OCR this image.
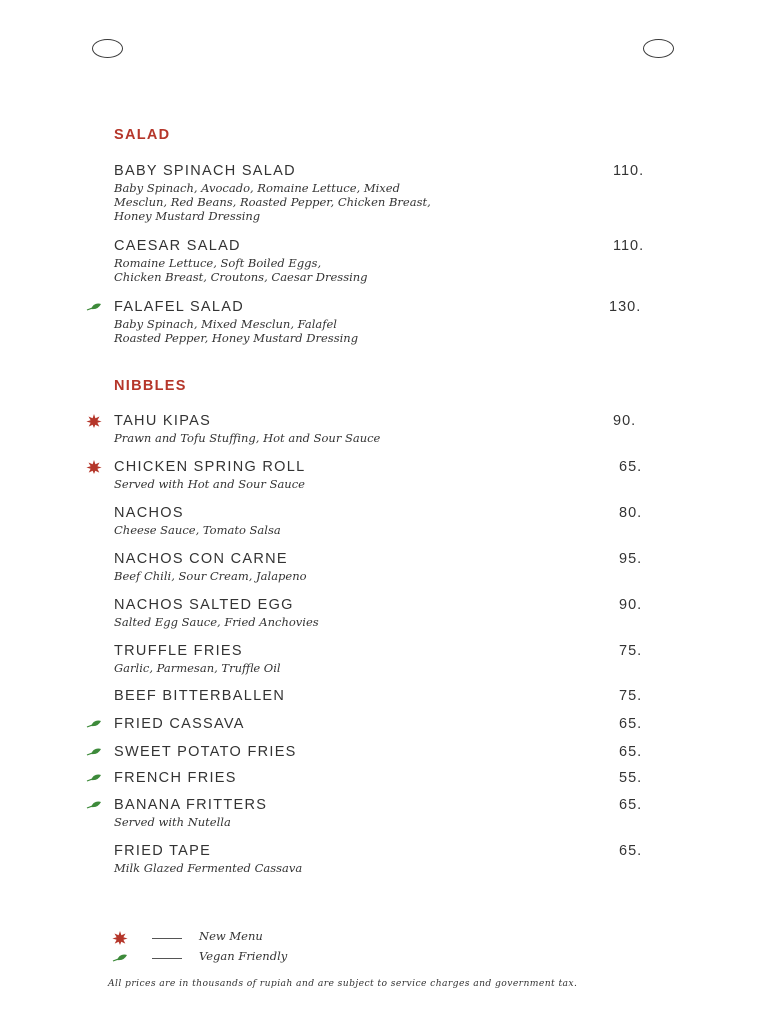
SALAD
BABY SPINACH SALAD	110.
Baby Spinach, Avocado, Romaine Lettuce, Mixed
Mesclun, Red Beans, Roasted Pepper, Chicken Breast,
Honey Mustard Dressing
CAESAR SALAD	110.
Romaine Lettuce, Soft Boiled Eggs,
Chicken Breast, Croutons, Caesar Dressing
FALAFEL SALAD	130.
Baby Spinach, Mixed Mesclun, Falafel
Roasted Pepper, Honey Mustard Dressing
NIBBLES
TAHU KIPAS	90.
Prawn and Tofu Stuffing, Hot and Sour Sauce
CHICKEN SPRING ROLL	65.
Served with Hot and Sour Sauce
NACHOS	80.
Cheese Sauce, Tomato Salsa
NACHOS CON CARNE	95.
Beef Chili, Sour Cream, Jalapeno
NACHOS SALTED EGG	90.
Salted Egg Sauce, Fried Anchovies
TRUFFLE FRIES	75.
Garlic, Parmesan, Truffle Oil
BEEF BITTERBALLEN	75.
FRIED CASSAVA	65.
SWEET POTATO FRIES	65.
FRENCH FRIES	55.
BANANA FRITTERS	65.
Served with Nutella
FRIED TAPE	65.
Milk Glazed Fermented Cassava
New Menu
Vegan Friendly
All prices are in thousands of rupiah and are subject to service charges and government tax.
